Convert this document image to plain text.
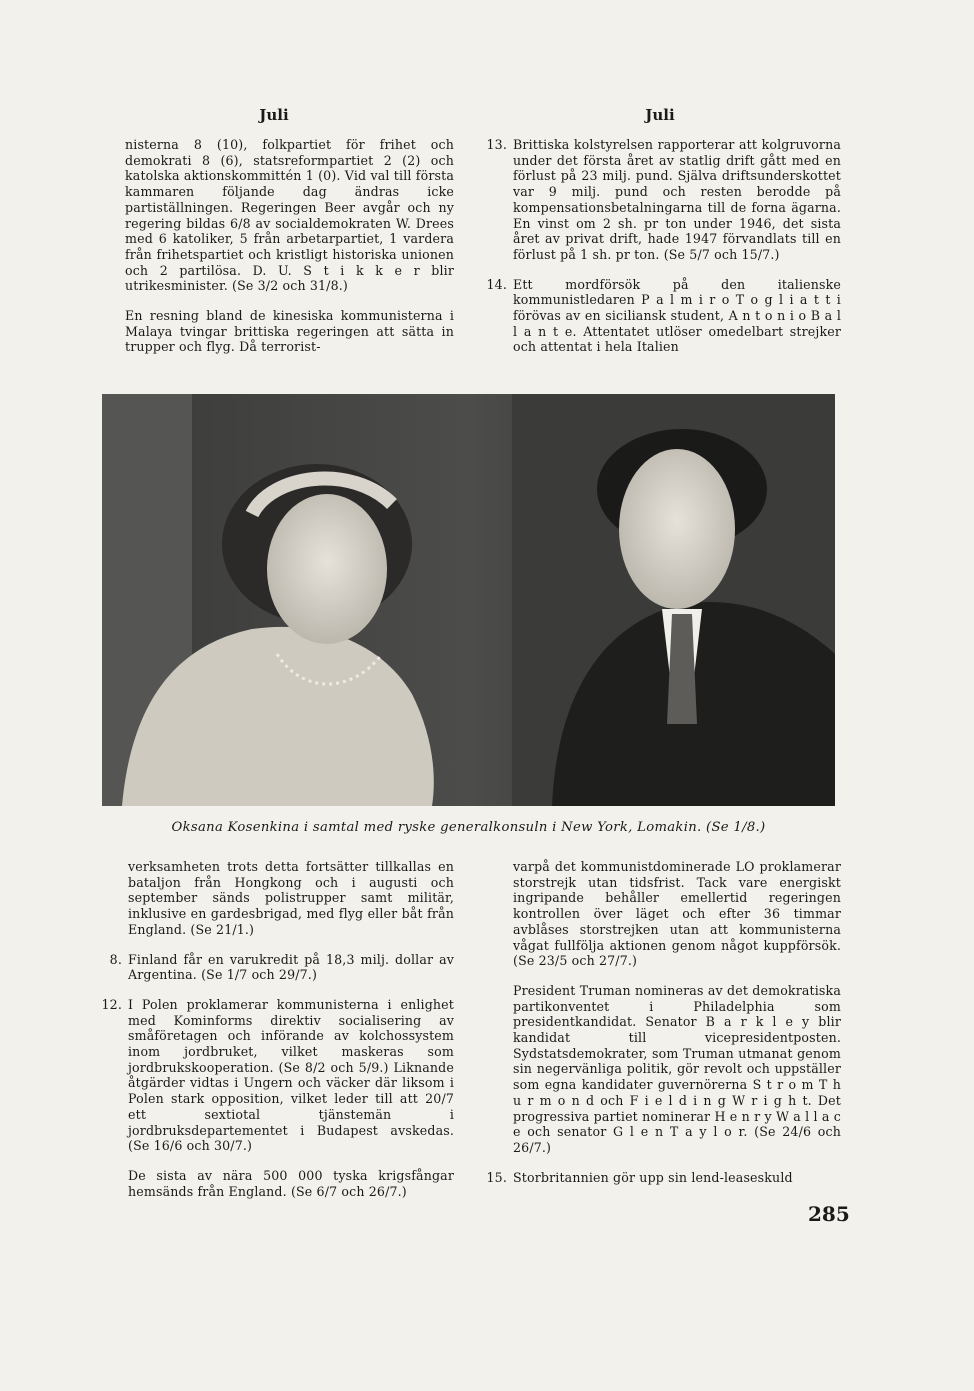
Juli	Juli

nisterna 8 (10), folkpartiet för frihet och demokrati 8 (6), statsreformpartiet 2 (2) och katolska aktionskommittén 1 (0). Vid val till första kammaren följande dag ändras icke partiställningen. Regeringen Beer avgår och ny regering bildas 6/8 av socialdemokraten W. Drees med 6 katoliker, 5 från arbetarpartiet, 1 vardera från frihetspartiet och kristligt historiska unionen och 2 partilösa. D. U. S t i k k e r blir utrikesminister. (Se 3/2 och 31/8.)

En resning bland de kinesiska kommunisterna i Malaya tvingar brittiska regeringen att sätta in trupper och flyg. Då terrorist-

13. Brittiska kolstyrelsen rapporterar att kolgruvorna under det första året av statlig drift gått med en förlust på 23 milj. pund. Själva driftsunderskottet var 9 milj. pund och resten berodde på kompensationsbetalningarna till de forna ägarna. En vinst om 2 sh. pr ton under 1946, det sista året av privat drift, hade 1947 förvandlats till en förlust på 1 sh. pr ton. (Se 5/7 och 15/7.)
14. Ett mordförsök på den italienske kommunistledaren P a l m i r o T o g l i a t t i förövas av en siciliansk student, A n t o n i o B a l l a n t e. Attentatet utlöser omedelbart strejker och attentat i hela Italien
Oksana Kosenkina i samtal med ryske generalkonsuln i New York, Lomakin. (Se 1/8.)
verksamheten trots detta fortsätter tillkallas en bataljon från Hongkong och i augusti och september sänds polistrupper samt militär, inklusive en gardesbrigad, med flyg eller båt från England. (Se 21/1.)
8. Finland får en varukredit på 18,3 milj. dollar av Argentina. (Se 1/7 och 29/7.)
12. I Polen proklamerar kommunisterna i enlighet med Kominforms direktiv socialisering av småföretagen och införande av kolchossystem inom jordbruket, vilket maskeras som jordbrukskooperation. (Se 8/2 och 5/9.) Liknande åtgärder vidtas i Ungern och väcker där liksom i Polen stark opposition, vilket leder till att 20/7 ett sextiotal tjänstemän i jordbruksdepartementet i Budapest avskedas. (Se 16/6 och 30/7.)
De sista av nära 500 000 tyska krigsfångar hemsänds från England. (Se 6/7 och 26/7.)
varpå det kommunistdominerade LO proklamerar storstrejk utan tidsfrist. Tack vare energiskt ingripande behåller emellertid regeringen kontrollen över läget och efter 36 timmar avblåses storstrejken utan att kommunisterna vågat fullfölja aktionen genom något kuppförsök. (Se 23/5 och 27/7.)
President Truman nomineras av det demokratiska partikonventet i Philadelphia som presidentkandidat. Senator B a r k l e y blir kandidat till vicepresidentposten. Sydstatsdemokrater, som Truman utmanat genom sin negervänliga politik, gör revolt och uppställer som egna kandidater guvernörerna S t r o m T h u r m o n d och F i e l d i n g W r i g h t. Det progressiva partiet nominerar H e n r y W a l l a c e och senator G l e n T a y l o r. (Se 24/6 och 26/7.)
15. Storbritannien gör upp sin lend-leaseskuld
285
